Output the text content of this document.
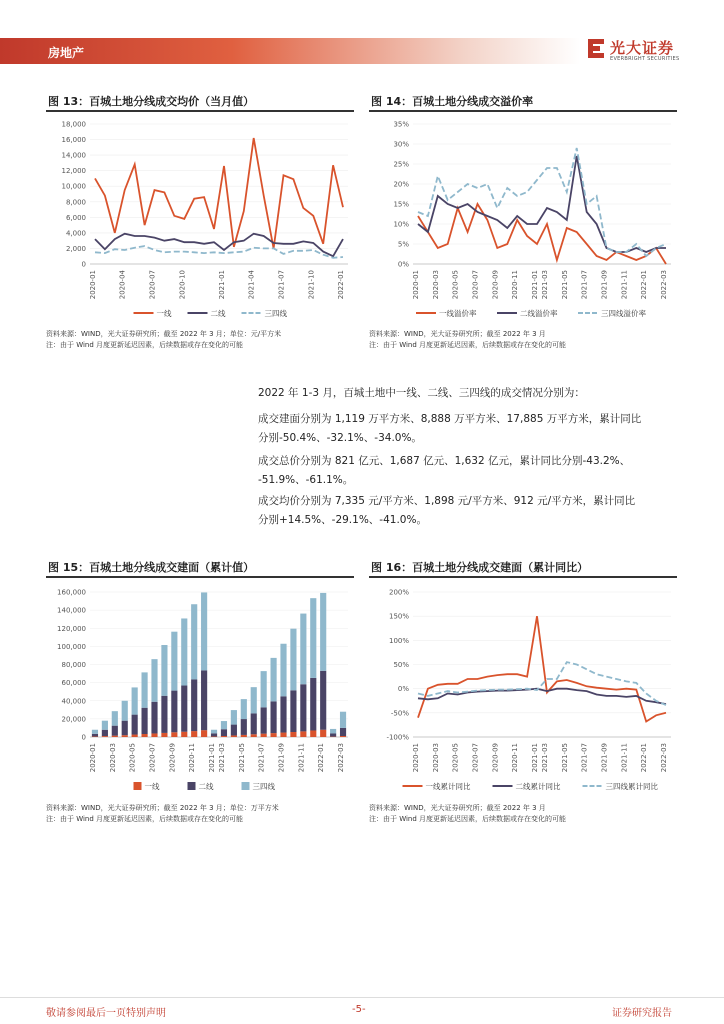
房地产	光大证券
EVERBRIGHT SECURITIES
图 13：百城土地分线成交均价（当月值）
0
2,000
4,000
6,000
8,000
10,000
12,000
14,000
16,000
18,000
2020-01	2020-04	2020-07	2020-10	2021-01	2021-04	2021-07	2021-10	2022-01
一线	二线	三四线
资料来源：WIND，光大证券研究所；截至 2022 年 3 月；单位：元/平方米
注：由于 Wind 月度更新延迟因素，后续数据或存在变化的可能
图 14：百城土地分线成交溢价率
0%
5%
10%
15%
20%
25%
30%
35%
2020-01 2020-03 2020-05 2020-07 2020-09 2020-11 2021-01 2021-03 2021-05 2021-07 2021-09 2021-11 2022-01 2022-03
一线溢价率	二线溢价率	三四线溢价率
资料来源：WIND，光大证券研究所；截至 2022 年 3 月
注：由于 Wind 月度更新延迟因素，后续数据或存在变化的可能
2022 年 1-3 月，百城土地中一线、二线、三四线的成交情况分别为：
成交建面分别为 1,119 万平方米、8,888 万平方米、17,885 万平方米，累计同比
分别-50.4%、-32.1%、-34.0%。
成交总价分别为 821 亿元、1,687 亿元、1,632 亿元，累计同比分别-43.2%、
-51.9%、-61.1%。
成交均价分别为 7,335 元/平方米、1,898 元/平方米、912 元/平方米，累计同比
分别+14.5%、-29.1%、-41.0%。
图 15：百城土地分线成交建面（累计值）
0
20,000
40,000
60,000
80,000
100,000
120,000
140,000
160,000
2020-01 2020-03 2020-05 2020-07 2020-09 2020-11 2021-01 2021-03 2021-05 2021-07 2021-09 2021-11 2022-01 2022-03
一线	二线	三四线
资料来源：WIND，光大证券研究所；截至 2022 年 3 月；单位：万平方米
注：由于 Wind 月度更新延迟因素，后续数据或存在变化的可能
图 16：百城土地分线成交建面（累计同比）
-100%
-50%
0%
50%
100%
150%
200%
2020-01 2020-03 2020-05 2020-07 2020-09 2020-11 2021-01 2021-03 2021-05 2021-07 2021-09 2021-11 2022-01 2022-03
一线累计同比	二线累计同比	三四线累计同比
资料来源：WIND，光大证券研究所；截至 2022 年 3 月
注：由于 Wind 月度更新延迟因素，后续数据或存在变化的可能
敬请参阅最后一页特别声明	-5-	证券研究报告
